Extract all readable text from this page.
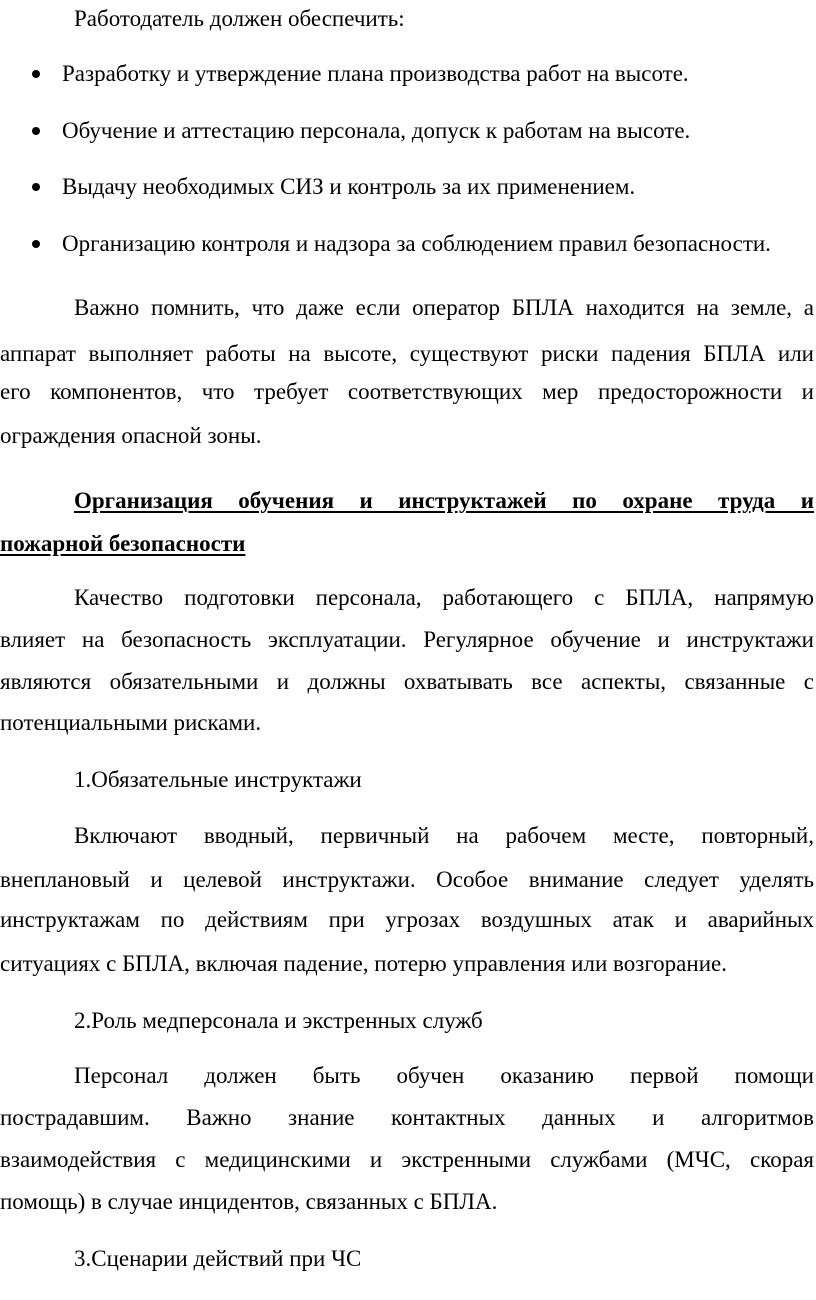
Работодатель должен обеспечить:
Разработку и утверждение плана производства работ на высоте.
Обучение и аттестацию персонала, допуск к работам на высоте.
Выдачу необходимых СИЗ и контроль за их применением.
Организацию контроля и надзора за соблюдением правил безопасности.
Важно помнить, что даже если оператор БПЛА находится на земле, а
аппарат выполняет работы на высоте, существуют риски падения БПЛА или
его компонентов, что требует соответствующих мер предосторожности и
ограждения опасной зоны.
Организация обучения и инструктажей по охране труда и
пожарной безопасности
Качество подготовки персонала, работающего с БПЛА, напрямую
влияет на безопасность эксплуатации. Регулярное обучение и инструктажи
являются обязательными и должны охватывать все аспекты, связанные с
потенциальными рисками.
1.Обязательные инструктажи
Включают вводный, первичный на рабочем месте, повторный,
внеплановый и целевой инструктажи. Особое внимание следует уделять
инструктажам по действиям при угрозах воздушных атак и аварийных
ситуациях с БПЛА, включая падение, потерю управления или возгорание.
2.Роль медперсонала и экстренных служб
Персонал должен быть обучен оказанию первой помощи
пострадавшим. Важно знание контактных данных и алгоритмов
взаимодействия с медицинскими и экстренными службами (МЧС, скорая
помощь) в случае инцидентов, связанных с БПЛА.
3.Сценарии действий при ЧС
